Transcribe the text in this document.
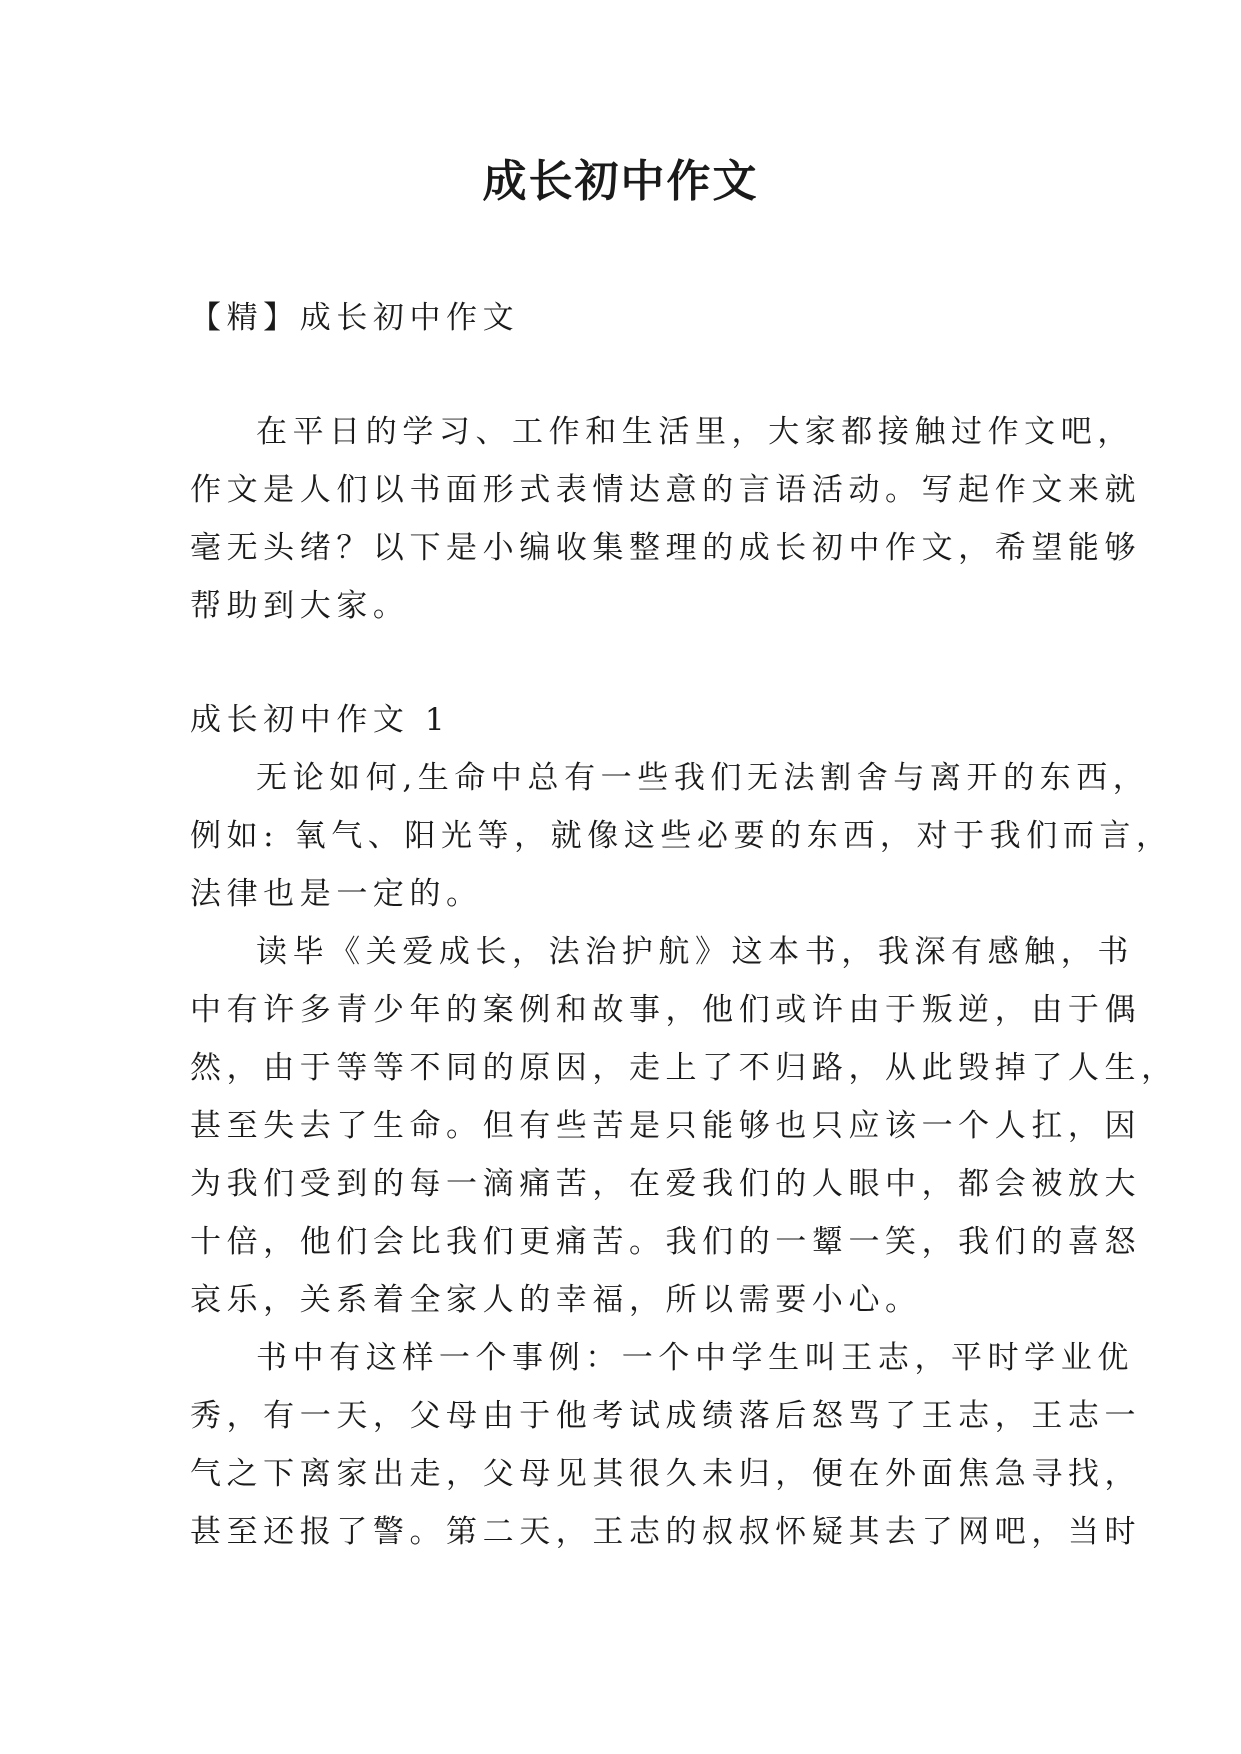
成长初中作文
【精】成长初中作文
在平日的学习、工作和生活里，大家都接触过作文吧，
作文是人们以书面形式表情达意的言语活动。写起作文来就
毫无头绪？以下是小编收集整理的成长初中作文，希望能够
帮助到大家。
成长初中作文 1
无论如何,生命中总有一些我们无法割舍与离开的东西，
例如: 氧气、阳光等，就像这些必要的东西，对于我们而言，
法律也是一定的。
读毕《关爱成长，法治护航》这本书，我深有感触，书
中有许多青少年的案例和故事，他们或许由于叛逆，由于偶
然，由于等等不同的原因，走上了不归路，从此毁掉了人生，
甚至失去了生命。但有些苦是只能够也只应该一个人扛，因
为我们受到的每一滴痛苦，在爱我们的人眼中，都会被放大
十倍，他们会比我们更痛苦。我们的一颦一笑，我们的喜怒
哀乐，关系着全家人的幸福，所以需要小心。
书中有这样一个事例：一个中学生叫王志，平时学业优
秀，有一天，父母由于他考试成绩落后怒骂了王志，王志一
气之下离家出走，父母见其很久未归，便在外面焦急寻找，
甚至还报了警。第二天，王志的叔叔怀疑其去了网吧，当时
